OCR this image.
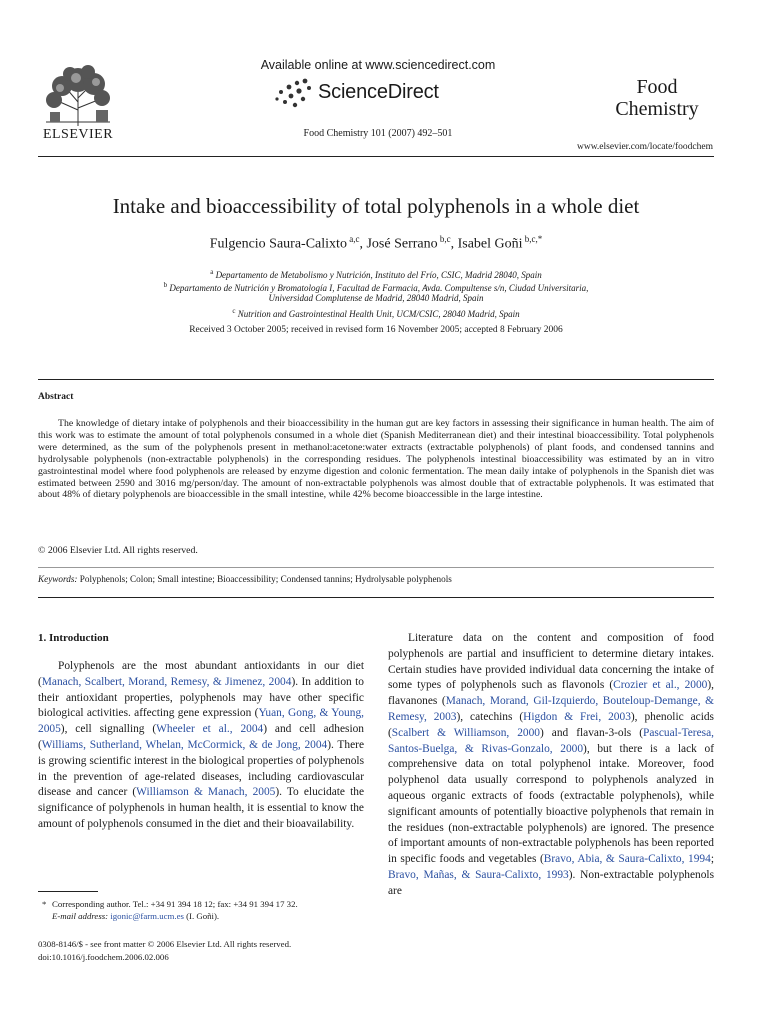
ELSEVIER
Available online at www.sciencedirect.com
ScienceDirect
Food Chemistry 101 (2007) 492–501
Food
Chemistry
www.elsevier.com/locate/foodchem
Intake and bioaccessibility of total polyphenols in a whole diet
Fulgencio Saura-Calixto $^{a,c}$, José Serrano $^{b,c}$, Isabel Goñi $^{b,c,*}$
$^a$ Departamento de Metabolismo y Nutrición, Instituto del Frío, CSIC, Madrid 28040, Spain
$^b$ Departamento de Nutrición y Bromatología I, Facultad de Farmacia, Avda. Compultense s/n, Ciudad Universitaria,
Universidad Complutense de Madrid, 28040 Madrid, Spain
$^c$ Nutrition and Gastrointestinal Health Unit, UCM/CSIC, 28040 Madrid, Spain
Received 3 October 2005; received in revised form 16 November 2005; accepted 8 February 2006
Abstract
The knowledge of dietary intake of polyphenols and their bioaccessibility in the human gut are key factors in assessing their significance in human health. The aim of this work was to estimate the amount of total polyphenols consumed in a whole diet (Spanish Mediterranean diet) and their intestinal bioaccessibility. Total polyphenols were determined, as the sum of the polyphenols present in methanol:acetone:water extracts (extractable polyphenols) of plant foods, and condensed tannins and hydrolysable polyphenols (non-extractable polyphenols) in the corresponding residues. The polyphenols intestinal bioaccessibility was estimated by an in vitro gastrointestinal model where food polyphenols are released by enzyme digestion and colonic fermentation. The mean daily intake of polyphenols in the Spanish diet was estimated between 2590 and 3016 mg/person/day. The amount of non-extractable polyphenols was almost double that of extractable polyphenols. It was estimated that about 48% of dietary polyphenols are bioaccessible in the small intestine, while 42% become bioaccessible in the large intestine.
© 2006 Elsevier Ltd. All rights reserved.
Keywords: Polyphenols; Colon; Small intestine; Bioaccessibility; Condensed tannins; Hydrolysable polyphenols
1. Introduction
Polyphenols are the most abundant antioxidants in our diet (Manach, Scalbert, Morand, Remesy, & Jimenez, 2004). In addition to their antioxidant properties, polyphenols may have other specific biological activities. affecting gene expression (Yuan, Gong, & Young, 2005), cell signalling (Wheeler et al., 2004) and cell adhesion (Williams, Sutherland, Whelan, McCormick, & de Jong, 2004). There is growing scientific interest in the biological properties of polyphenols in the prevention of age-related diseases, including cardiovascular disease and cancer (Williamson & Manach, 2005). To elucidate the significance of polyphenols in human health, it is essential to know the amount of polyphenols consumed in the diet and their bioavailability.
Literature data on the content and composition of food polyphenols are partial and insufficient to determine dietary intakes. Certain studies have provided individual data concerning the intake of some types of polyphenols such as flavonols (Crozier et al., 2000), flavanones (Manach, Morand, Gil-Izquierdo, Bouteloup-Demange, & Remesy, 2003), catechins (Higdon & Frei, 2003), phenolic acids (Scalbert & Williamson, 2000) and flavan-3-ols (Pascual-Teresa, Santos-Buelga, & Rivas-Gonzalo, 2000), but there is a lack of comprehensive data on total polyphenol intake. Moreover, food polyphenol data usually correspond to polyphenols analyzed in aqueous organic extracts of foods (extractable polyphenols), while significant amounts of potentially bioactive polyphenols that remain in the residues (non-extractable polyphenols) are ignored. The presence of important amounts of non-extractable polyphenols has been reported in specific foods and vegetables (Bravo, Abia, & Saura-Calixto, 1994; Bravo, Mañas, & Saura-Calixto, 1993). Non-extractable polyphenols are
* Corresponding author. Tel.: +34 91 394 18 12; fax: +34 91 394 17 32.
E-mail address: igonic@farm.ucm.es (I. Goñi).
0308-8146/$ - see front matter © 2006 Elsevier Ltd. All rights reserved.
doi:10.1016/j.foodchem.2006.02.006
